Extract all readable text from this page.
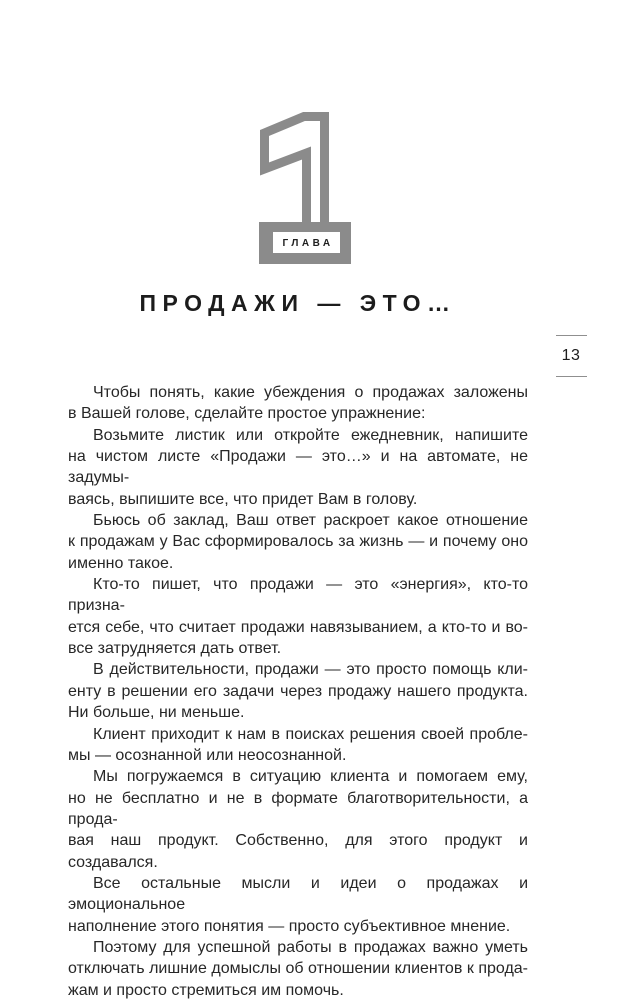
ГЛАВА
ПРОДАЖИ — ЭТО…
13
Чтобы понять, какие убеждения о продажах заложены
в Вашей голове, сделайте простое упражнение:
Возьмите листик или откройте ежедневник, напишите
на чистом листе «Продажи — это…» и на автомате, не задумы-
ваясь, выпишите все, что придет Вам в голову.
Бьюсь об заклад, Ваш ответ раскроет какое отношение
к продажам у Вас сформировалось за жизнь — и почему оно
именно такое.
Кто-то пишет, что продажи — это «энергия», кто-то призна-
ется себе, что считает продажи навязыванием, а кто-то и во-
все затрудняется дать ответ.
В действительности, продажи — это просто помощь кли-
енту в решении его задачи через продажу нашего продукта.
Ни больше, ни меньше.
Клиент приходит к нам в поисках решения своей пробле-
мы — осознанной или неосознанной.
Мы погружаемся в ситуацию клиента и помогаем ему,
но не бесплатно и не в формате благотворительности, а прода-
вая наш продукт. Собственно, для этого продукт и создавался.
Все остальные мысли и идеи о продажах и эмоциональное
наполнение этого понятия — просто субъективное мнение.
Поэтому для успешной работы в продажах важно уметь
отключать лишние домыслы об отношении клиентов к прода-
жам и просто стремиться им помочь.
